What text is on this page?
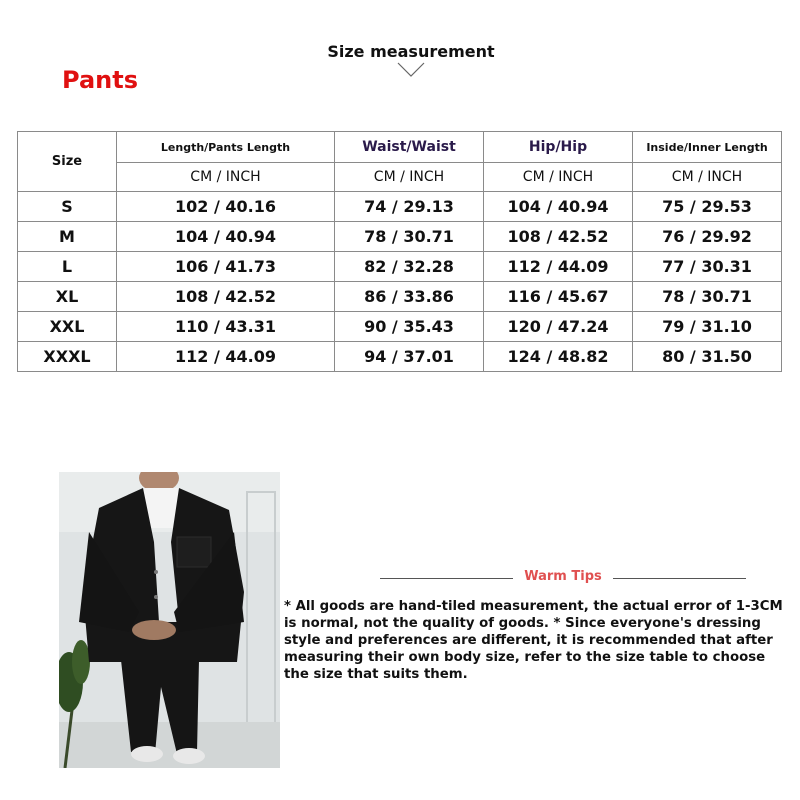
Size measurement
Pants
Size	Length/Pants Length	Waist/Waist	Hip/Hip	Inside/Inner Length
	CM / INCH	CM / INCH	CM / INCH	CM / INCH
S	102 / 40.16	74 / 29.13	104 / 40.94	75 / 29.53
M	104 / 40.94	78 / 30.71	108 / 42.52	76 / 29.92
L	106 / 41.73	82 / 32.28	112 / 44.09	77 / 30.31
XL	108 / 42.52	86 / 33.86	116 / 45.67	78 / 30.71
XXL	110 / 43.31	90 / 35.43	120 / 47.24	79 / 31.10
XXXL	112 / 44.09	94 / 37.01	124 / 48.82	80 / 31.50
Warm Tips
* All goods are hand-tiled measurement, the actual error of 1-3CM is normal, not the quality of goods. * Since everyone's dressing style and preferences are different, it is recommended that after measuring their own body size, refer to the size table to choose the size that suits them.
